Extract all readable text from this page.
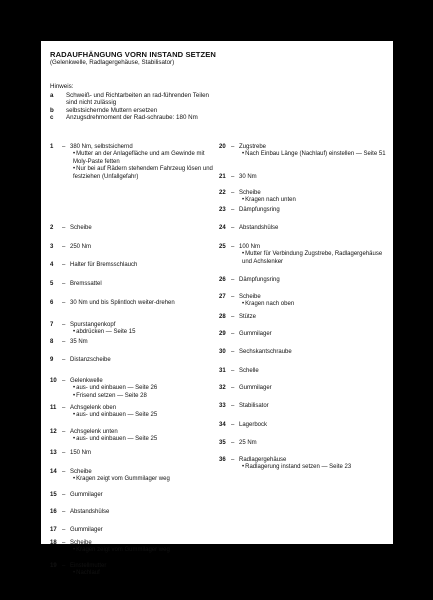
RADAUFHÄNGUNG VORN INSTAND SETZEN
(Gelenkwelle, Radlagergehäuse, Stabilisator)
Hinweis:
a	Schweiß- und Richtarbeiten an rad-führenden Teilen sind nicht zulässig
b	selbstsichernde Muttern ersetzen
c	Anzugsdrehmoment der Rad-schraube: 180 Nm
1	– 380 Nm, selbstsichernd
• Mutter an der Anlagefläche und am Gewinde mit Moly-Paste fetten
• Nur bei auf Rädern stehendem Fahrzeug lösen und festziehen (Unfallgefahr)
2	– Scheibe
3	– 250 Nm
4	– Halter für Bremsschlauch
5	– Bremssattel
6	– 30 Nm und bis Splintloch weiter-drehen
7	– Spurstangenkopf
• abdrücken — Seite 15
8	– 35 Nm
9	– Distanzscheibe
10 – Gelenkwelle
• aus- und einbauen — Seite 26
• Frisend setzen — Seite 28
11 – Achsgelenk oben
• aus- und einbauen — Seite 25
12 – Achsgelenk unten
• aus- und einbauen — Seite 25
13 – 150 Nm
14 – Scheibe
• Kragen zeigt vom Gummilager weg
15 – Gummilager
16 – Abstandshülse
17 – Gummilager
18 – Scheibe
• Kragen zeigt vom Gummilager weg
19 – Einstellmutter
• Nachlauf
20 – Zugstrebe
• Nach Einbau Länge (Nachlauf) einstellen — Seite 51
21 – 30 Nm
22 – Scheibe
• Kragen nach unten
23 – Dämpfungsring
24 – Abstandshülse
25 – 100 Nm
• Mutter für Verbindung Zugstrebe, Radlagergehäuse und Achslenker
26 – Dämpfungsring
27 – Scheibe
• Kragen nach oben
28 – Stütze
29 – Gummilager
30 – Sechskantschraube
31 – Schelle
32 – Gummilager
33 – Stabilisator
34 – Lagerbock
35 – 25 Nm
36 – Radlagergehäuse
• Radlagerung instand setzen — Seite 23
